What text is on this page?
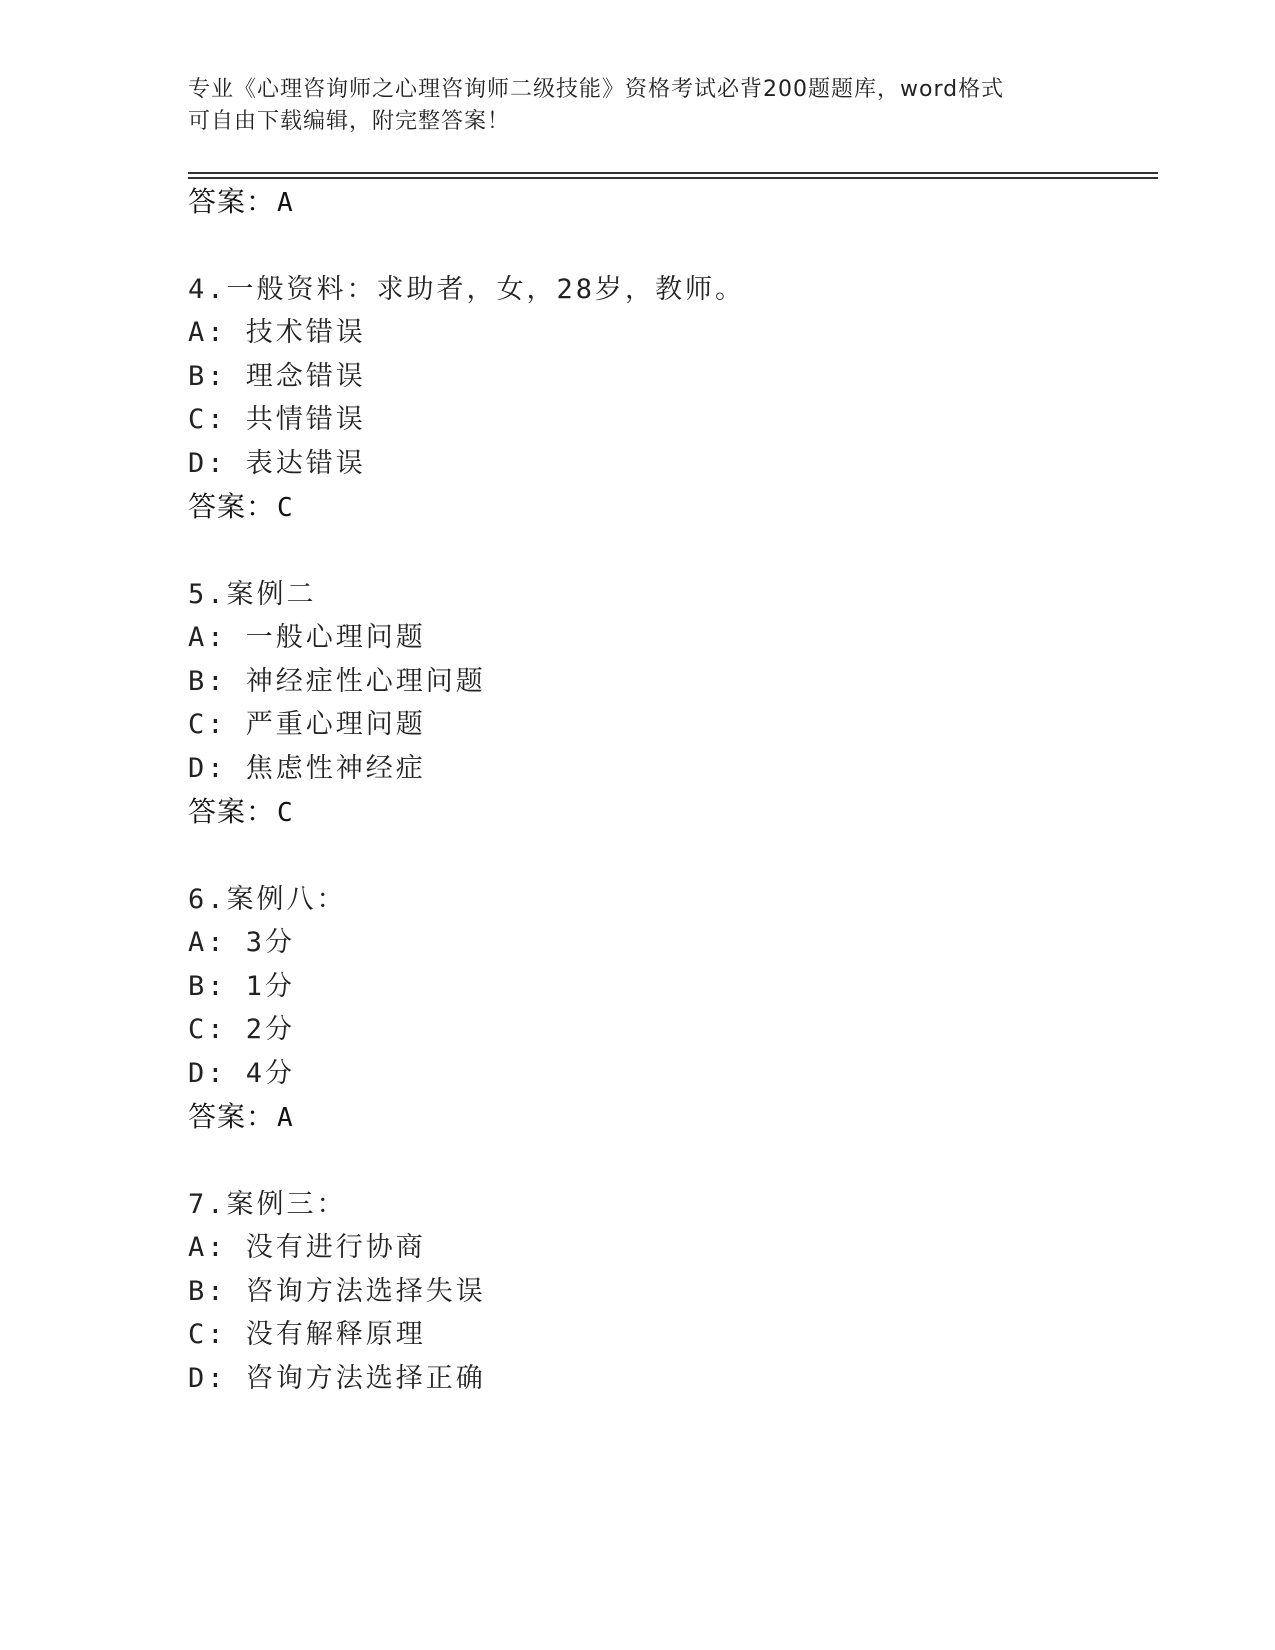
专业《心理咨询师之心理咨询师二级技能》资格考试必背200题题库，word格式
可自由下载编辑，附完整答案！
答案：A
4.一般资料：求助者，女，28岁，教师。
A: 技术错误
B: 理念错误
C: 共情错误
D: 表达错误
答案：C
5.案例二
A: 一般心理问题
B: 神经症性心理问题
C: 严重心理问题
D: 焦虑性神经症
答案：C
6.案例八：
A: 3分
B: 1分
C: 2分
D: 4分
答案：A
7.案例三：
A: 没有进行协商
B: 咨询方法选择失误
C: 没有解释原理
D: 咨询方法选择正确
